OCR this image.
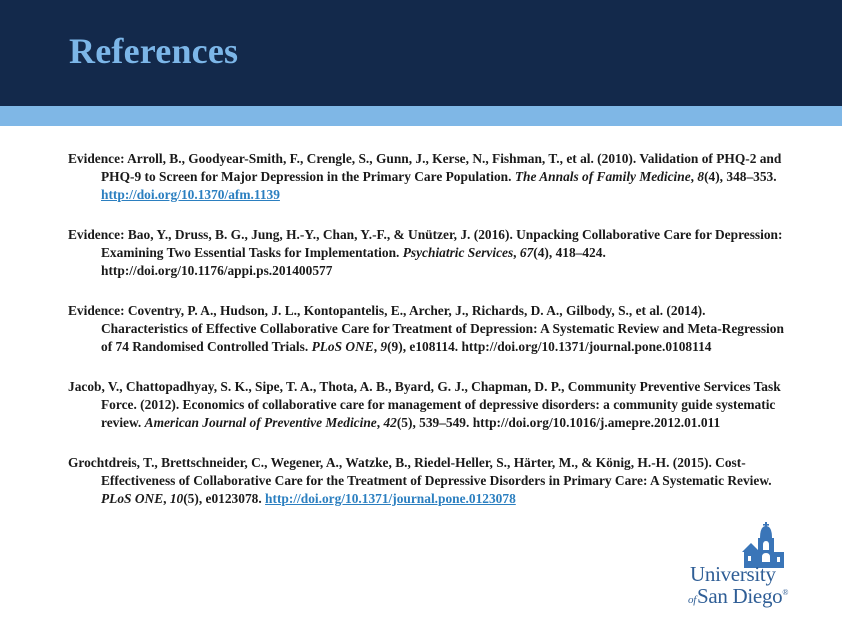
References
Evidence: Arroll, B., Goodyear-Smith, F., Crengle, S., Gunn, J., Kerse, N., Fishman, T., et al. (2010). Validation of PHQ-2 and PHQ-9 to Screen for Major Depression in the Primary Care Population. The Annals of Family Medicine, 8(4), 348–353. http://doi.org/10.1370/afm.1139
Evidence: Bao, Y., Druss, B. G., Jung, H.-Y., Chan, Y.-F., & Unützer, J. (2016). Unpacking Collaborative Care for Depression: Examining Two Essential Tasks for Implementation. Psychiatric Services, 67(4), 418–424. http://doi.org/10.1176/appi.ps.201400577
Evidence: Coventry, P. A., Hudson, J. L., Kontopantelis, E., Archer, J., Richards, D. A., Gilbody, S., et al. (2014). Characteristics of Effective Collaborative Care for Treatment of Depression: A Systematic Review and Meta-Regression of 74 Randomised Controlled Trials. PLoS ONE, 9(9), e108114. http://doi.org/10.1371/journal.pone.0108114
Jacob, V., Chattopadhyay, S. K., Sipe, T. A., Thota, A. B., Byard, G. J., Chapman, D. P., Community Preventive Services Task Force. (2012). Economics of collaborative care for management of depressive disorders: a community guide systematic review. American Journal of Preventive Medicine, 42(5), 539–549. http://doi.org/10.1016/j.amepre.2012.01.011
Grochtdreis, T., Brettschneider, C., Wegener, A., Watzke, B., Riedel-Heller, S., Härter, M., & König, H.-H. (2015). Cost-Effectiveness of Collaborative Care for the Treatment of Depressive Disorders in Primary Care: A Systematic Review. PLoS ONE, 10(5), e0123078. http://doi.org/10.1371/journal.pone.0123078
University
ofSan Diego®
